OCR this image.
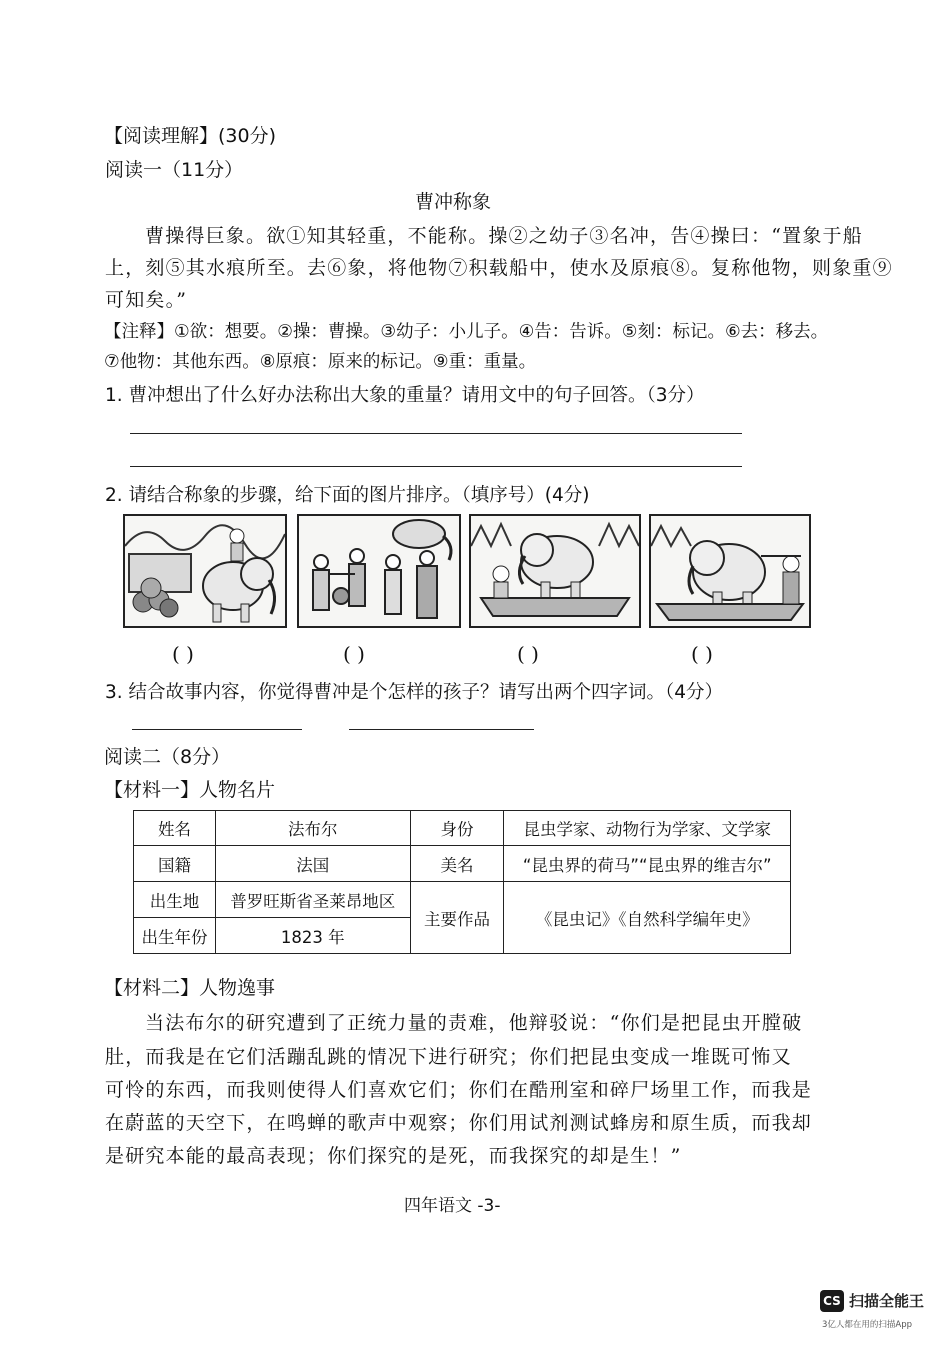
【阅读理解】(30分)
阅读一（11分）
曹冲称象
曹操得巨象。欲①知其轻重，不能称。操②之幼子③名冲，告④操曰：“置象于船
上，刻⑤其水痕所至。去⑥象，将他物⑦积载船中，使水及原痕⑧。复称他物，则象重⑨
可知矣。”
【注释】①欲：想要。②操：曹操。③幼子：小儿子。④告：告诉。⑤刻：标记。⑥去：移去。
⑦他物：其他东西。⑧原痕：原来的标记。⑨重：重量。
1. 曹冲想出了什么好办法称出大象的重量？请用文中的句子回答。（3分）
2. 请结合称象的步骤，给下面的图片排序。（填序号）(4分)
( )	( )	( )	( )
3. 结合故事内容，你觉得曹冲是个怎样的孩子？请写出两个四字词。（4分）
阅读二（8分）
【材料一】人物名片
姓名	法布尔	身份	昆虫学家、动物行为学家、文学家
国籍	法国	美名	“昆虫界的荷马”“昆虫界的维吉尔”
出生地	普罗旺斯省圣莱昂地区	主要作品	《昆虫记》《自然科学编年史》
出生年份	1823 年		
【材料二】人物逸事
当法布尔的研究遭到了正统力量的责难，他辩驳说：“你们是把昆虫开膛破
肚，而我是在它们活蹦乱跳的情况下进行研究；你们把昆虫变成一堆既可怖又
可怜的东西，而我则使得人们喜欢它们；你们在酷刑室和碎尸场里工作，而我是
在蔚蓝的天空下，在鸣蝉的歌声中观察；你们用试剂测试蜂房和原生质，而我却
是研究本能的最高表现；你们探究的是死，而我探究的却是生！”
四年语文 -3-
CS 扫描全能王
3亿人都在用的扫描App
